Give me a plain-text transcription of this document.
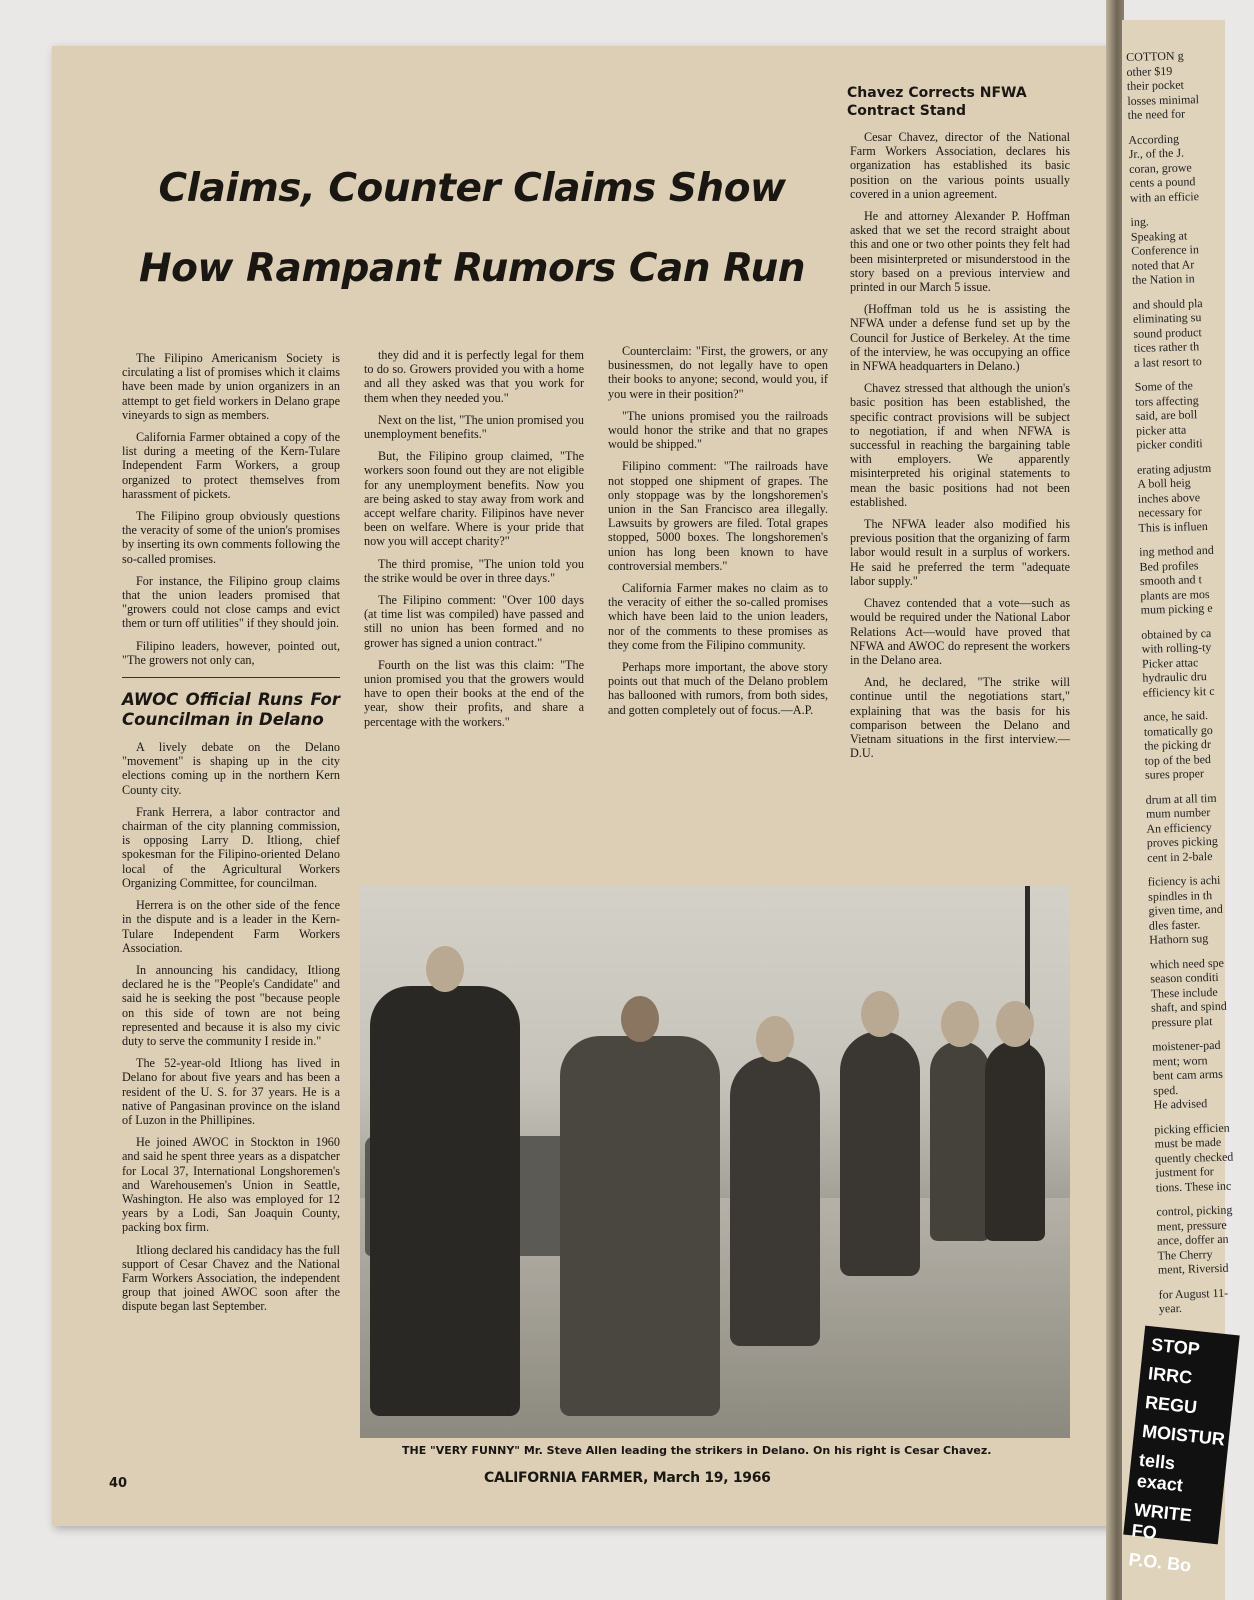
Chavez Corrects NFWA Contract Stand
Claims, Counter Claims Show
How Rampant Rumors Can Run

The Filipino Americanism Society is circulating a list of promises which it claims have been made by union organizers in an attempt to get field workers in Delano grape vineyards to sign as members.

California Farmer obtained a copy of the list during a meeting of the Kern-Tulare Independent Farm Workers, a group organized to protect themselves from harassment of pickets.

The Filipino group obviously questions the veracity of some of the union's promises by inserting its own comments following the so-called promises.

For instance, the Filipino group claims that the union leaders promised that "growers could not close camps and evict them or turn off utilities" if they should join.

Filipino leaders, however, pointed out, "The growers not only can,

AWOC Official Runs For Councilman in Delano

A lively debate on the Delano "movement" is shaping up in the city elections coming up in the northern Kern County city.

Frank Herrera, a labor contractor and chairman of the city planning commission, is opposing Larry D. Itliong, chief spokesman for the Filipino-oriented Delano local of the Agricultural Workers Organizing Committee, for councilman.

Herrera is on the other side of the fence in the dispute and is a leader in the Kern-Tulare Independent Farm Workers Association.

In announcing his candidacy, Itliong declared he is the "People's Candidate" and said he is seeking the post "because people on this side of town are not being represented and because it is also my civic duty to serve the community I reside in."

The 52-year-old Itliong has lived in Delano for about five years and has been a resident of the U. S. for 37 years. He is a native of Pangasinan province on the island of Luzon in the Phillipines.

He joined AWOC in Stockton in 1960 and said he spent three years as a dispatcher for Local 37, International Longshoremen's and Warehousemen's Union in Seattle, Washington. He also was employed for 12 years by a Lodi, San Joaquin County, packing box firm.

Itliong declared his candidacy has the full support of Cesar Chavez and the National Farm Workers Association, the independent group that joined AWOC soon after the dispute began last September.

they did and it is perfectly legal for them to do so. Growers provided you with a home and all they asked was that you work for them when they needed you."

Next on the list, "The union promised you unemployment benefits."

But, the Filipino group claimed, "The workers soon found out they are not eligible for any unemployment benefits. Now you are being asked to stay away from work and accept welfare charity. Filipinos have never been on welfare. Where is your pride that now you will accept charity?"

The third promise, "The union told you the strike would be over in three days."

The Filipino comment: "Over 100 days (at time list was compiled) have passed and still no union has been formed and no grower has signed a union contract."

Fourth on the list was this claim: "The union promised you that the growers would have to open their books at the end of the year, show their profits, and share a percentage with the workers."

Counterclaim: "First, the growers, or any businessmen, do not legally have to open their books to anyone; second, would you, if you were in their position?"

"The unions promised you the railroads would honor the strike and that no grapes would be shipped."

Filipino comment: "The railroads have not stopped one shipment of grapes. The only stoppage was by the longshoremen's union in the San Francisco area illegally. Lawsuits by growers are filed. Total grapes stopped, 5000 boxes. The longshoremen's union has long been known to have controversial members."

California Farmer makes no claim as to the veracity of either the so-called promises which have been laid to the union leaders, nor of the comments to these promises as they come from the Filipino community.

Perhaps more important, the above story points out that much of the Delano problem has ballooned with rumors, from both sides, and gotten completely out of focus.—A.P.

Cesar Chavez, director of the National Farm Workers Association, declares his organization has established its basic position on the various points usually covered in a union agreement.

He and attorney Alexander P. Hoffman asked that we set the record straight about this and one or two other points they felt had been misinterpreted or misunderstood in the story based on a previous interview and printed in our March 5 issue.

(Hoffman told us he is assisting the NFWA under a defense fund set up by the Council for Justice of Berkeley. At the time of the interview, he was occupying an office in NFWA headquarters in Delano.)

Chavez stressed that although the union's basic position has been established, the specific contract provisions will be subject to negotiation, if and when NFWA is successful in reaching the bargaining table with employers. We apparently misinterpreted his original statements to mean the basic positions had not been established.

The NFWA leader also modified his previous position that the organizing of farm labor would result in a surplus of workers. He said he preferred the term "adequate labor supply."

Chavez contended that a vote—such as would be required under the National Labor Relations Act—would have proved that NFWA and AWOC do represent the workers in the Delano area.

And, he declared, "The strike will continue until the negotiations start," explaining that was the basis for his comparison between the Delano and Vietnam situations in the first interview.—D.U.

THE "VERY FUNNY" Mr. Steve Allen leading the strikers in Delano. On his right is Cesar Chavez.
40	CALIFORNIA FARMER, March 19, 1966

COTTON g

other $19

their pocket

losses minimal

the need for

According

Jr., of the J.

coran, growe

cents a pound

with an efficie

ing.

Speaking at

Conference in

noted that Ar

the Nation in

and should pla

eliminating su

sound product

tices rather th

a last resort to

Some of the

tors affecting

said, are boll

picker atta

picker conditi

erating adjustm

A boll heig

inches above

necessary for

This is influen

ing method and

Bed profiles

smooth and t

plants are mos

mum picking e

obtained by ca

with rolling-ty

Picker attac

hydraulic dru

efficiency kit c

ance, he said.

tomatically go

the picking dr

top of the bed

sures proper

drum at all tim

mum number

An efficiency

proves picking

cent in 2-bale

ficiency is achi

spindles in th

given time, and

dles faster.

Hathorn sug

which need spe

season conditi

These include

shaft, and spind

pressure plat

moistener-pad

ment; worn

bent cam arms

sped.

He advised

picking efficien

must be made

quently checked

justment for

tions. These inc

control, picking

ment, pressure

ance, doffer an

The Cherry

ment, Riversid

for August 11-

year.

STOP
IRRC
REGU
MOISTUR
tells exact
WRITE FO
P.O. Bo
